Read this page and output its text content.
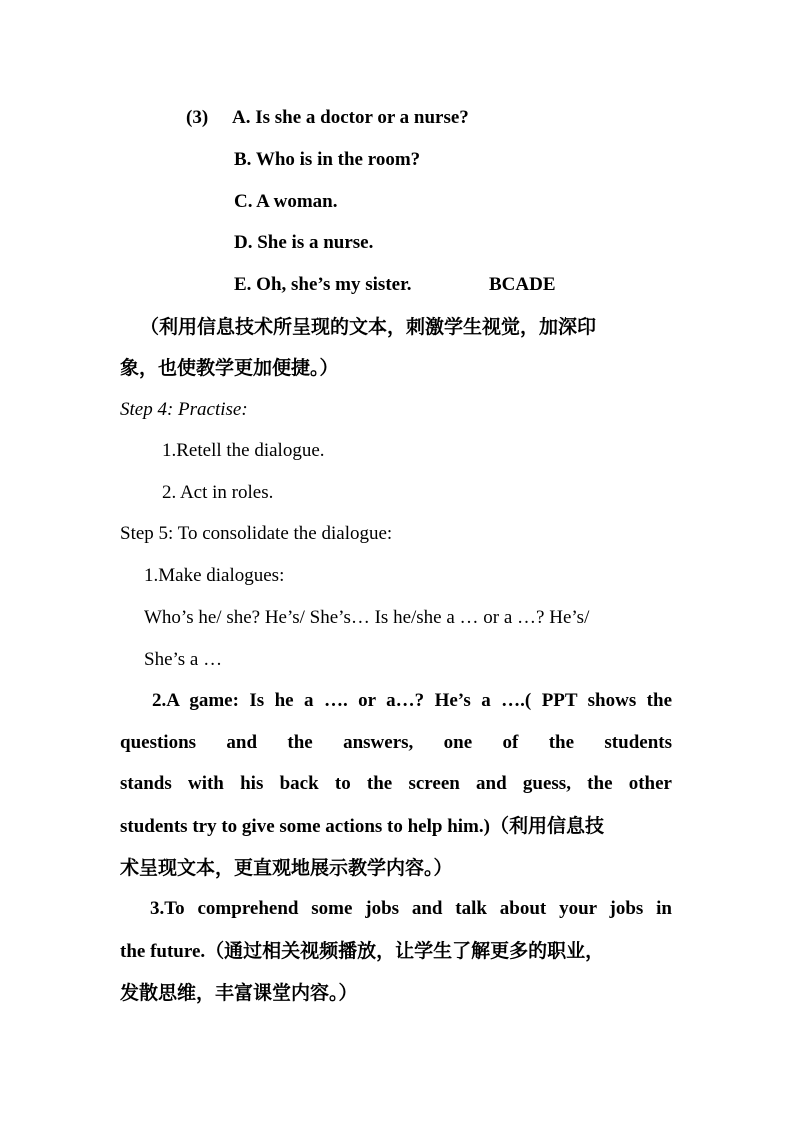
(3) A. Is she a doctor or a nurse?
B. Who is in the room?
C. A woman.
D. She is a nurse.
E. Oh, she’s my sister.	BCADE
（利用信息技术所呈现的文本，刺激学生视觉，加深印
象，也使教学更加便捷。）
Step 4: Practise:
1.Retell the dialogue.
2. Act in roles.
Step 5: To consolidate the dialogue:
1.Make dialogues:
Who’s he/ she? He’s/ She’s… Is he/she a … or a …? He’s/
She’s a …
2.A game: Is he a …. or a…? He’s a ….( PPT shows the
questions and the answers, one of the students
stands with his back to the screen and guess, the other
students try to give some actions to help him.)（利用信息技
术呈现文本，更直观地展示教学内容。）
3.To comprehend some jobs and talk about your jobs in
the future.（通过相关视频播放，让学生了解更多的职业，
发散思维，丰富课堂内容。）
